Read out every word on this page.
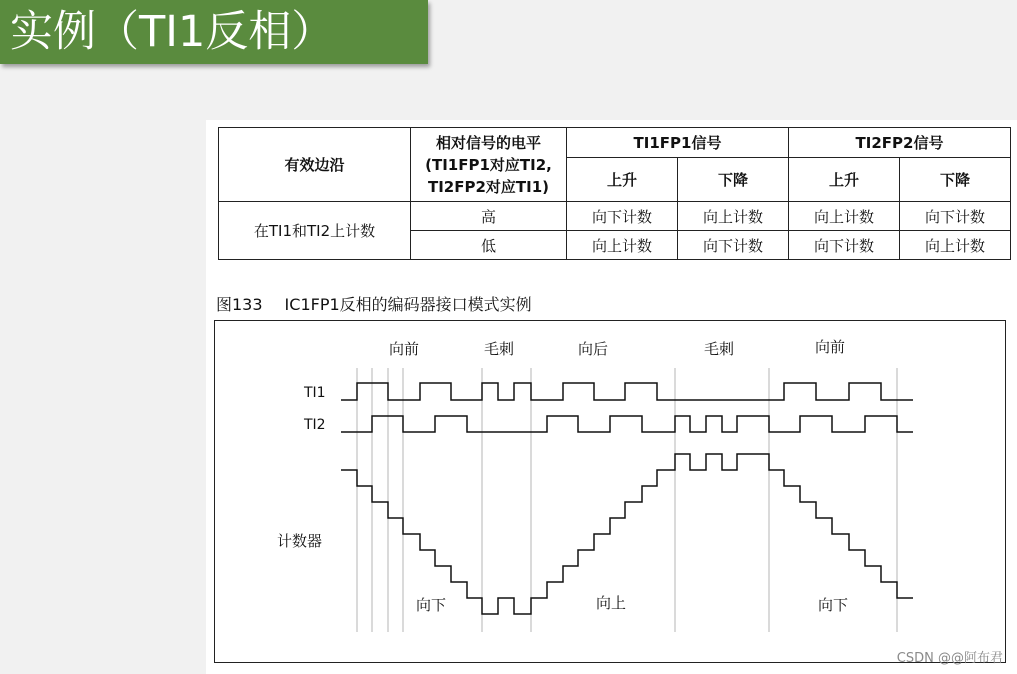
实例（TI1反相）
有效边沿	相对信号的电平
(TI1FP1对应TI2,
TI2FP2对应TI1)	TI1FP1信号		TI2FP2信号	
		上升	下降	上升	下降
在TI1和TI2上计数	高	向下计数	向上计数	向上计数	向下计数
	低	向上计数	向下计数	向下计数	向上计数
图133 IC1FP1反相的编码器接口模式实例
向前	毛刺	向后	毛刺	向前
TI1
TI2
计数器
向下	向上	向下
CSDN @@阿布君
